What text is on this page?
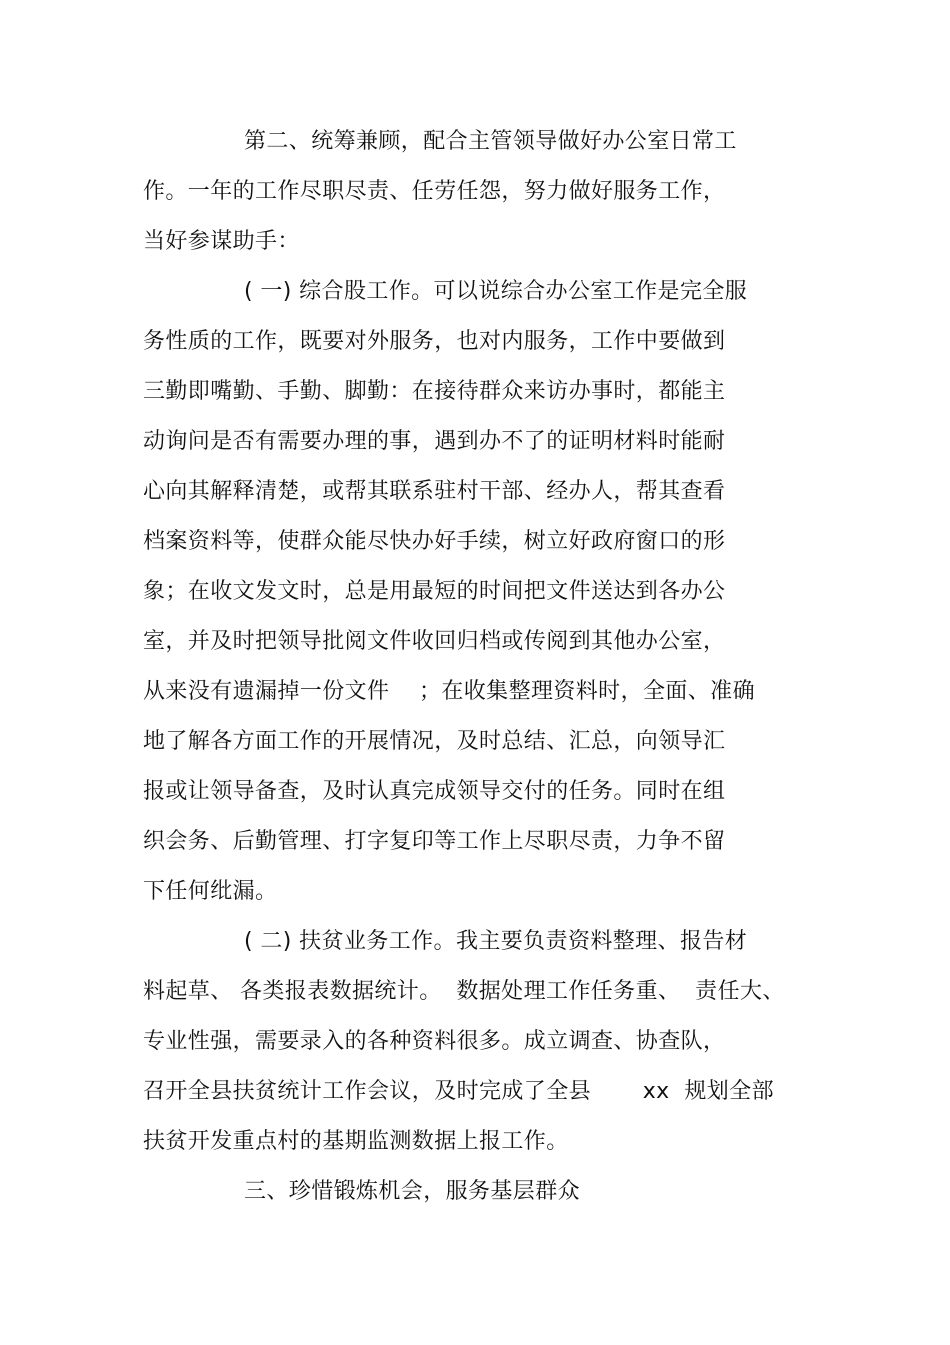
第二、统筹兼顾，配合主管领导做好办公室日常工
作。一年的工作尽职尽责、任劳任怨，努力做好服务工作，
当好参谋助手：
( 一) 综合股工作。可以说综合办公室工作是完全服
务性质的工作，既要对外服务，也对内服务，工作中要做到
三勤即嘴勤、手勤、脚勤：在接待群众来访办事时，都能主
动询问是否有需要办理的事，遇到办不了的证明材料时能耐
心向其解释清楚，或帮其联系驻村干部、经办人，帮其查看
档案资料等，使群众能尽快办好手续，树立好政府窗口的形
象；在收文发文时，总是用最短的时间把文件送达到各办公
室，并及时把领导批阅文件收回归档或传阅到其他办公室，
从来没有遗漏掉一份文件    ；在收集整理资料时，全面、准确
地了解各方面工作的开展情况，及时总结、汇总，向领导汇
报或让领导备查，及时认真完成领导交付的任务。同时在组
织会务、后勤管理、打字复印等工作上尽职尽责，力争不留
下任何纰漏。
( 二) 扶贫业务工作。我主要负责资料整理、报告材
料起草、 各类报表数据统计。  数据处理工作任务重、  责任大、
专业性强，需要录入的各种资料很多。成立调查、协查队，
召开全县扶贫统计工作会议，及时完成了全县       xx  规划全部
扶贫开发重点村的基期监测数据上报工作。
三、珍惜锻炼机会，服务基层群众
